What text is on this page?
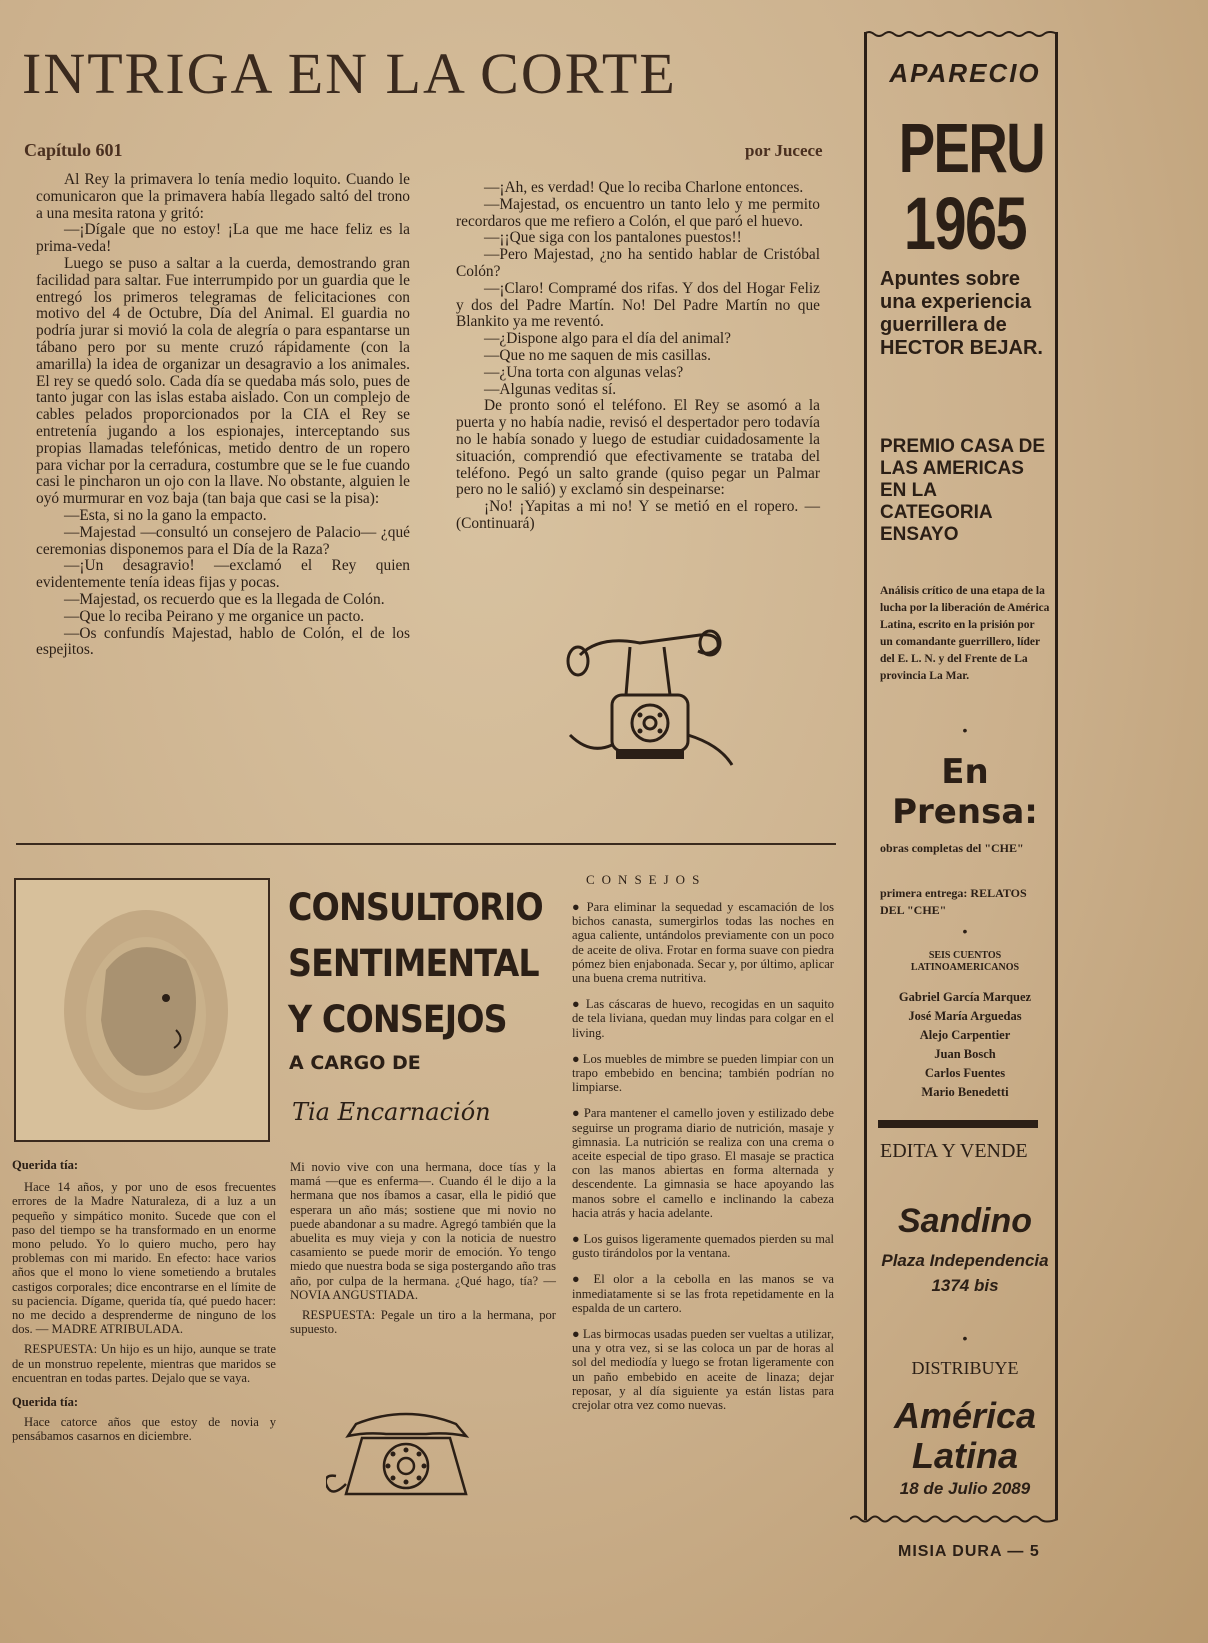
INTRIGA EN LA CORTE
Capítulo 601	por Jucece

Al Rey la primavera lo tenía medio loquito. Cuando le comunicaron que la primavera había llegado saltó del trono a una mesita ratona y gritó:

—¡Dígale que no estoy! ¡La que me hace feliz es la prima-veda!

Luego se puso a saltar a la cuerda, demostrando gran facilidad para saltar. Fue interrumpido por un guardia que le entregó los primeros telegramas de felicitaciones con motivo del 4 de Octubre, Día del Animal. El guardia no podría jurar si movió la cola de alegría o para espantarse un tábano pero por su mente cruzó rápidamente (con la amarilla) la idea de organizar un desagravio a los animales. El rey se quedó solo. Cada día se quedaba más solo, pues de tanto jugar con las islas estaba aislado. Con un complejo de cables pelados proporcionados por la CIA el Rey se entretenía jugando a los espionajes, interceptando sus propias llamadas telefónicas, metido dentro de un ropero para vichar por la cerradura, costumbre que se le fue cuando casi le pincharon un ojo con la llave. No obstante, alguien le oyó murmurar en voz baja (tan baja que casi se la pisa):

—Esta, si no la gano la empacto.

—Majestad —consultó un consejero de Palacio— ¿qué ceremonias disponemos para el Día de la Raza?

—¡Un desagravio! —exclamó el Rey quien evidentemente tenía ideas fijas y pocas.

—Majestad, os recuerdo que es la llegada de Colón.

—Que lo reciba Peirano y me organice un pacto.

—Os confundís Majestad, hablo de Colón, el de los espejitos.

—¡Ah, es verdad! Que lo reciba Charlone entonces.

—Majestad, os encuentro un tanto lelo y me permito recordaros que me refiero a Colón, el que paró el huevo.

—¡¡Que siga con los pantalones puestos!!

—Pero Majestad, ¿no ha sentido hablar de Cristóbal Colón?

—¡Claro! Compramé dos rifas. Y dos del Hogar Feliz y dos del Padre Martín. No! Del Padre Martín no que Blankito ya me reventó.

—¿Dispone algo para el día del animal?

—Que no me saquen de mis casillas.

—¿Una torta con algunas velas?

—Algunas veditas sí.

De pronto sonó el teléfono. El Rey se asomó a la puerta y no había nadie, revisó el despertador pero todavía no le había sonado y luego de estudiar cuidadosamente la situación, comprendió que efectivamente se trataba del teléfono. Pegó un salto grande (quiso pegar un Palmar pero no le salió) y exclamó sin despeinarse:

¡No! ¡Yapitas a mi no! Y se metió en el ropero. — (Continuará)

APARECIO
PERU
1965
Apuntes sobre una experiencia guerrillera de HECTOR BEJAR.
PREMIO CASA DE LAS AMERICAS EN LA CATEGORIA ENSAYO
Análisis crítico de una etapa de la lucha por la liberación de América Latina, escrito en la prisión por un comandante guerrillero, líder del E. L. N. y del Frente de La provincia La Mar.
•
En Prensa:
obras completas del "CHE"
primera entrega: RELATOS DEL "CHE"
•
SEIS CUENTOS LATINOAMERICANOS
Gabriel García Marquez
José María Arguedas
Alejo Carpentier
Juan Bosch
Carlos Fuentes
Mario Benedetti
EDITA Y VENDE
Sandino
Plaza Independencia 1374 bis
•
DISTRIBUYE
América Latina
18 de Julio 2089
MISIA DURA — 5
CONSULTORIO SENTIMENTAL Y CONSEJOS
A CARGO DE
Tia Encarnación

Querida tía:

Hace 14 años, y por uno de esos frecuentes errores de la Madre Naturaleza, di a luz a un pequeño y simpático monito. Sucede que con el paso del tiempo se ha transformado en un enorme mono peludo. Yo lo quiero mucho, pero hay problemas con mi marido. En efecto: hace varios años que el mono lo viene sometiendo a brutales castigos corporales; dice encontrarse en el límite de su paciencia. Dígame, querida tía, qué puedo hacer: no me decido a desprenderme de ninguno de los dos. — MADRE ATRIBULADA.

RESPUESTA: Un hijo es un hijo, aunque se trate de un monstruo repelente, mientras que maridos se encuentran en todas partes. Dejalo que se vaya.

Querida tía:

Hace catorce años que estoy de novia y pensábamos casarnos en diciembre.

Mi novio vive con una hermana, doce tías y la mamá —que es enferma—. Cuando él le dijo a la hermana que nos íbamos a casar, ella le pidió que esperara un año más; sostiene que mi novio no puede abandonar a su madre. Agregó también que la abuelita es muy vieja y con la noticia de nuestro casamiento se puede morir de emoción. Yo tengo miedo que nuestra boda se siga postergando año tras año, por culpa de la hermana. ¿Qué hago, tía? — NOVIA ANGUSTIADA.

RESPUESTA: Pegale un tiro a la hermana, por supuesto.

CONSEJOS

● Para eliminar la sequedad y escamación de los bichos canasta, sumergirlos todas las noches en agua caliente, untándolos previamente con un poco de aceite de oliva. Frotar en forma suave con piedra pómez bien enjabonada. Secar y, por último, aplicar una buena crema nutritiva.

● Las cáscaras de huevo, recogidas en un saquito de tela liviana, quedan muy lindas para colgar en el living.

● Los muebles de mimbre se pueden limpiar con un trapo embebido en bencina; también podrían no limpiarse.

● Para mantener el camello joven y estilizado debe seguirse un programa diario de nutrición, masaje y gimnasia. La nutrición se realiza con una crema o aceite especial de tipo graso. El masaje se practica con las manos abiertas en forma alternada y descendente. La gimnasia se hace apoyando las manos sobre el camello e inclinando la cabeza hacia atrás y hacia adelante.

● Los guisos ligeramente quemados pierden su mal gusto tirándolos por la ventana.

● El olor a la cebolla en las manos se va inmediatamente si se las frota repetidamente en la espalda de un cartero.

● Las birmocas usadas pueden ser vueltas a utilizar, una y otra vez, si se las coloca un par de horas al sol del mediodía y luego se frotan ligeramente con un paño embebido en aceite de linaza; dejar reposar, y al día siguiente ya están listas para crejolar otra vez como nuevas.
